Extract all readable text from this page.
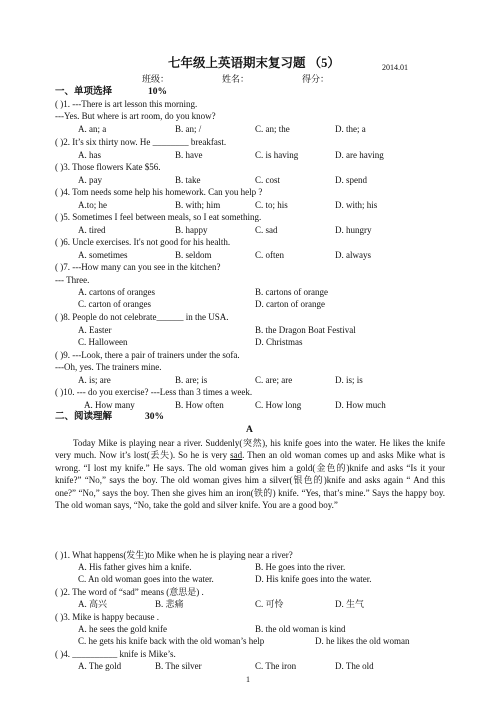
七年级上英语期末复习题 （5）	2014.01
班级：	姓名：	得分：
一、单项选择	10%
( )1. ---There is art lesson this morning.
---Yes. But where is art room, do you know?
A. an; a	B. an; /	C. an; the	D. the; a
( )2. It’s six thirty now. He ________ breakfast.
A. has	B. have	C. is having	D. are having
( )3. Those flowers Kate $56.
A. pay	B. take	C. cost	D. spend
( )4. Tom needs some help his homework. Can you help ?
A.to; he	B. with; him	C. to; his	D. with; his
( )5. Sometimes I feel between meals, so I eat something.
A. tired	B. happy	C. sad	D. hungry
( )6. Uncle exercises. It's not good for his health.
A. sometimes	B. seldom	C. often	D. always
( )7. ---How many can you see in the kitchen?
--- Three.
A. cartons of oranges	B. cartons of orange
C. carton of oranges	D. carton of orange
( )8. People do not celebrate______ in the USA.
A. Easter	B. the Dragon Boat Festival
C. Halloween	D. Christmas
( )9. ---Look, there a pair of trainers under the sofa.
---Oh, yes. The trainers mine.
A. is; are	B. are; is	C. are; are	D. is; is
( )10. --- do you exercise? ---Less than 3 times a week.
A. How many	B. How often	C. How long	D. How much
二、阅读理解	30%
A

Today Mike is playing near a river. Suddenly(突然), his knife goes into the water. He likes the knife very much. Now it’s lost(丢失). So he is very sad. Then an old woman comes up and asks Mike what is wrong. “I lost my knife.” He says. The old woman gives him a gold(金色的)knife and asks “Is it your knife?” “No,” says the boy. The old woman gives him a silver(银色的)knife and asks again “ And this one?” “No,” says the boy. Then she gives him an iron(铁的) knife. “Yes, that’s mine.” Says the happy boy. The old woman says, “No, take the gold and silver knife. You are a good boy.”

( )1. What happens(发生)to Mike when he is playing near a river?
A. His father gives him a knife.	B. He goes into the river.
C. An old woman goes into the water.	D. His knife goes into the water.
( )2. The word of “sad” means (意思是) .
A. 高兴	B. 悲痛	C. 可怜	D. 生气
( )3. Mike is happy because .
A. he sees the gold knife	B. the old woman is kind
C. he gets his knife back with the old woman’s help	D. he likes the old woman
( )4. __________ knife is Mike’s.
A. The gold	B. The silver	C. The iron	D. The old
1
